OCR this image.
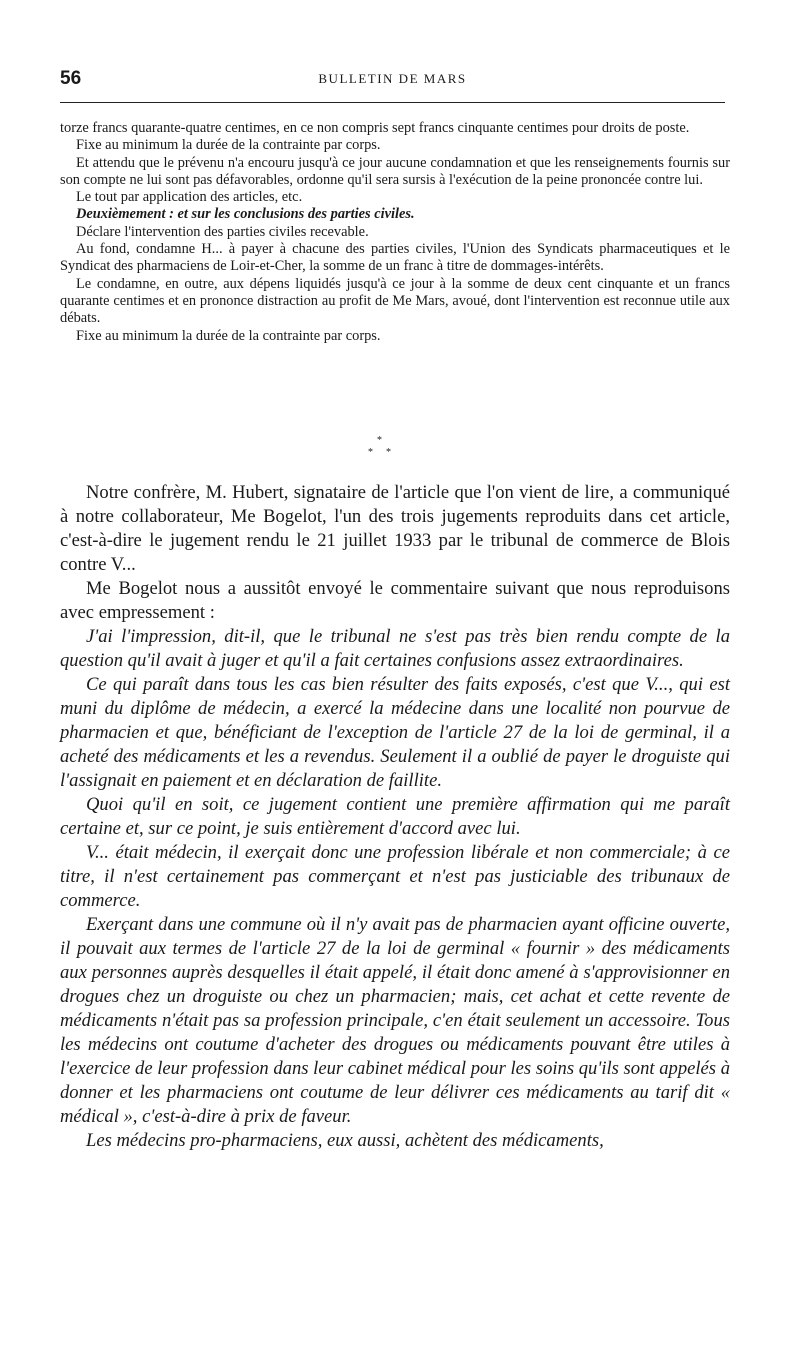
56	BULLETIN DE MARS

torze francs quarante-quatre centimes, en ce non compris sept francs cinquante centimes pour droits de poste.

Fixe au minimum la durée de la contrainte par corps.

Et attendu que le prévenu n'a encouru jusqu'à ce jour aucune condamnation et que les renseignements fournis sur son compte ne lui sont pas défavorables, ordonne qu'il sera sursis à l'exécution de la peine prononcée contre lui.

Le tout par application des articles, etc.

Deuxièmement : et sur les conclusions des parties civiles.

Déclare l'intervention des parties civiles recevable.

Au fond, condamne H... à payer à chacune des parties civiles, l'Union des Syndicats pharmaceutiques et le Syndicat des pharmaciens de Loir-et-Cher, la somme de un franc à titre de dommages-intérêts.

Le condamne, en outre, aux dépens liquidés jusqu'à ce jour à la somme de deux cent cinquante et un francs quarante centimes et en prononce distraction au profit de Me Mars, avoué, dont l'intervention est reconnue utile aux débats.

Fixe au minimum la durée de la contrainte par corps.

*
* *

Notre confrère, M. Hubert, signataire de l'article que l'on vient de lire, a communiqué à notre collaborateur, Me Bogelot, l'un des trois jugements reproduits dans cet article, c'est-à-dire le jugement rendu le 21 juillet 1933 par le tribunal de commerce de Blois contre V...

Me Bogelot nous a aussitôt envoyé le commentaire suivant que nous reproduisons avec empressement :

J'ai l'impression, dit-il, que le tribunal ne s'est pas très bien rendu compte de la question qu'il avait à juger et qu'il a fait certaines confusions assez extraordinaires.

Ce qui paraît dans tous les cas bien résulter des faits exposés, c'est que V..., qui est muni du diplôme de médecin, a exercé la médecine dans une localité non pourvue de pharmacien et que, bénéficiant de l'exception de l'article 27 de la loi de germinal, il a acheté des médicaments et les a revendus. Seulement il a oublié de payer le droguiste qui l'assignait en paiement et en déclaration de faillite.

Quoi qu'il en soit, ce jugement contient une première affirmation qui me paraît certaine et, sur ce point, je suis entièrement d'accord avec lui.

V... était médecin, il exerçait donc une profession libérale et non commerciale; à ce titre, il n'est certainement pas commerçant et n'est pas justiciable des tribunaux de commerce.

Exerçant dans une commune où il n'y avait pas de pharmacien ayant officine ouverte, il pouvait aux termes de l'article 27 de la loi de germinal « fournir » des médicaments aux personnes auprès desquelles il était appelé, il était donc amené à s'approvisionner en drogues chez un droguiste ou chez un pharmacien; mais, cet achat et cette revente de médicaments n'était pas sa profession principale, c'en était seulement un accessoire. Tous les médecins ont coutume d'acheter des drogues ou médicaments pouvant être utiles à l'exercice de leur profession dans leur cabinet médical pour les soins qu'ils sont appelés à donner et les pharmaciens ont coutume de leur délivrer ces médicaments au tarif dit « médical », c'est-à-dire à prix de faveur.

Les médecins pro-pharmaciens, eux aussi, achètent des médicaments,
